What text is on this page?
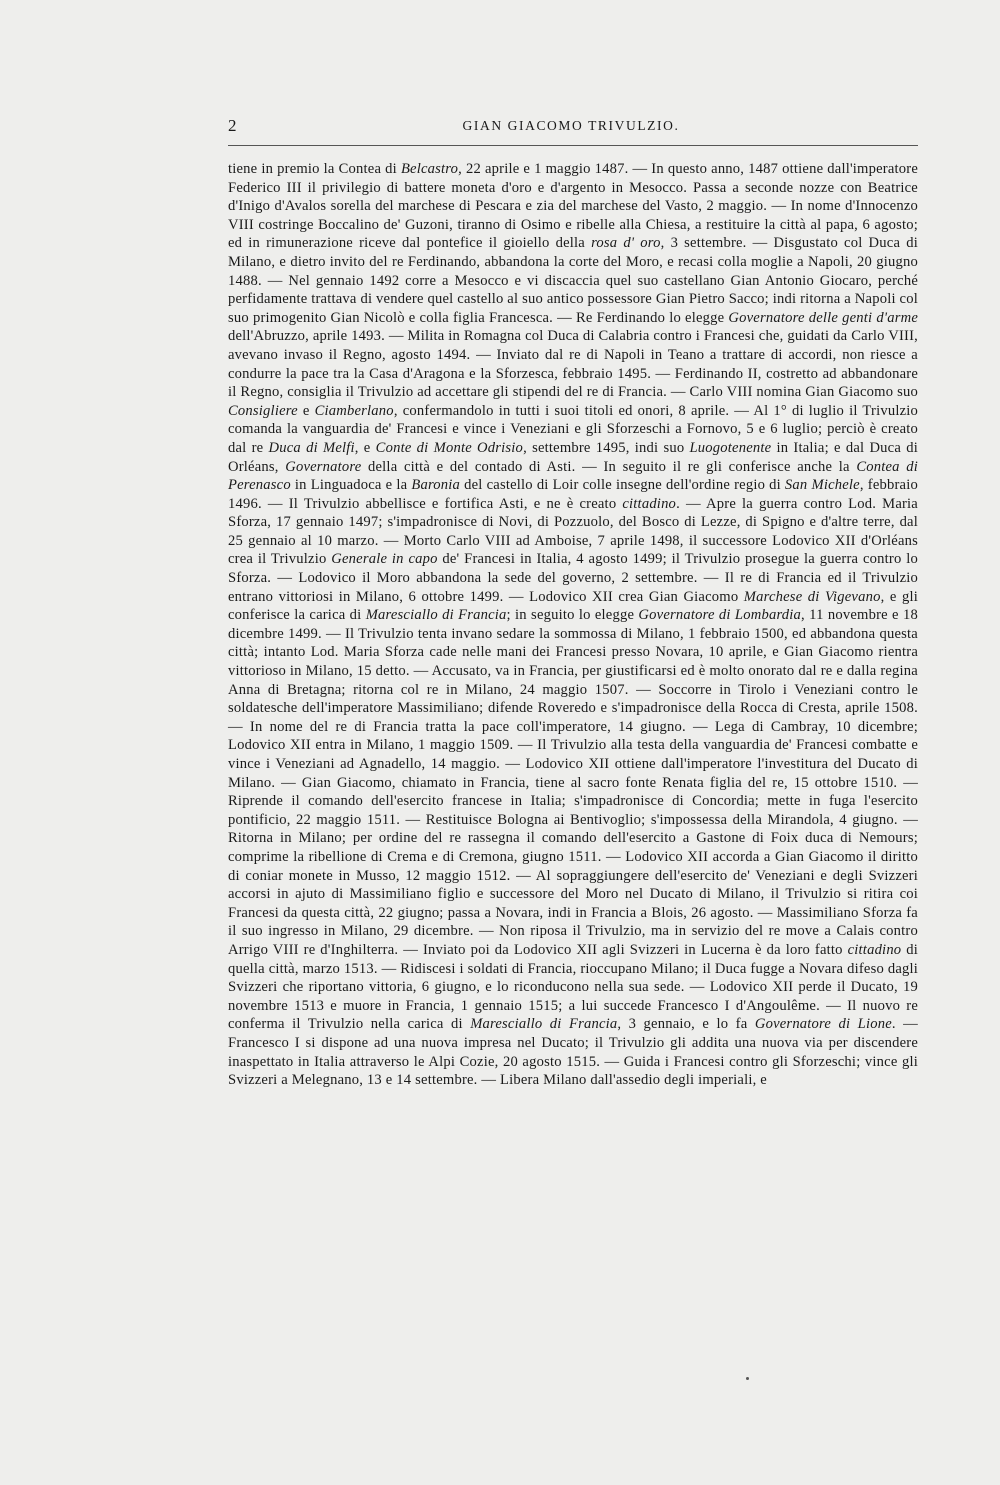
2	GIAN GIACOMO TRIVULZIO.

tiene in premio la Contea di Belcastro, 22 aprile e 1 maggio 1487. — In questo anno, 1487 ottiene dall'imperatore Federico III il privilegio di battere moneta d'oro e d'argento in Mesocco. Passa a seconde nozze con Beatrice d'Inigo d'Avalos sorella del marchese di Pescara e zia del marchese del Vasto, 2 maggio. — In nome d'Innocenzo VIII costringe Boccalino de' Guzoni, tiranno di Osimo e ribelle alla Chiesa, a restituire la città al papa, 6 agosto; ed in rimunerazione riceve dal pontefice il gioiello della rosa d' oro, 3 settembre. — Disgustato col Duca di Milano, e dietro invito del re Ferdinando, abbandona la corte del Moro, e recasi colla moglie a Napoli, 20 giugno 1488. — Nel gennaio 1492 corre a Mesocco e vi discaccia quel suo castellano Gian Antonio Giocaro, perché perfidamente trattava di vendere quel castello al suo antico possessore Gian Pietro Sacco; indi ritorna a Napoli col suo primogenito Gian Nicolò e colla figlia Francesca. — Re Ferdinando lo elegge Governatore delle genti d'arme dell'Abruzzo, aprile 1493. — Milita in Romagna col Duca di Calabria contro i Francesi che, guidati da Carlo VIII, avevano invaso il Regno, agosto 1494. — Inviato dal re di Napoli in Teano a trattare di accordi, non riesce a condurre la pace tra la Casa d'Aragona e la Sforzesca, febbraio 1495. — Ferdinando II, costretto ad abbandonare il Regno, consiglia il Trivulzio ad accettare gli stipendi del re di Francia. — Carlo VIII nomina Gian Giacomo suo Consigliere e Ciamberlano, confermandolo in tutti i suoi titoli ed onori, 8 aprile. — Al 1° di luglio il Trivulzio comanda la vanguardia de' Francesi e vince i Veneziani e gli Sforzeschi a Fornovo, 5 e 6 luglio; perciò è creato dal re Duca di Melfi, e Conte di Monte Odrisio, settembre 1495, indi suo Luogotenente in Italia; e dal Duca di Orléans, Governatore della città e del contado di Asti. — In seguito il re gli conferisce anche la Contea di Perenasco in Linguadoca e la Baronia del castello di Loir colle insegne dell'ordine regio di San Michele, febbraio 1496. — Il Trivulzio abbellisce e fortifica Asti, e ne è creato cittadino. — Apre la guerra contro Lod. Maria Sforza, 17 gennaio 1497; s'impadronisce di Novi, di Pozzuolo, del Bosco di Lezze, di Spigno e d'altre terre, dal 25 gennaio al 10 marzo. — Morto Carlo VIII ad Amboise, 7 aprile 1498, il successore Lodovico XII d'Orléans crea il Trivulzio Generale in capo de' Francesi in Italia, 4 agosto 1499; il Trivulzio prosegue la guerra contro lo Sforza. — Lodovico il Moro abbandona la sede del governo, 2 settembre. — Il re di Francia ed il Trivulzio entrano vittoriosi in Milano, 6 ottobre 1499. — Lodovico XII crea Gian Giacomo Marchese di Vigevano, e gli conferisce la carica di Maresciallo di Francia; in seguito lo elegge Governatore di Lombardia, 11 novembre e 18 dicembre 1499. — Il Trivulzio tenta invano sedare la sommossa di Milano, 1 febbraio 1500, ed abbandona questa città; intanto Lod. Maria Sforza cade nelle mani dei Francesi presso Novara, 10 aprile, e Gian Giacomo rientra vittorioso in Milano, 15 detto. — Accusato, va in Francia, per giustificarsi ed è molto onorato dal re e dalla regina Anna di Bretagna; ritorna col re in Milano, 24 maggio 1507. — Soccorre in Tirolo i Veneziani contro le soldatesche dell'imperatore Massimiliano; difende Roveredo e s'impadronisce della Rocca di Cresta, aprile 1508. — In nome del re di Francia tratta la pace coll'imperatore, 14 giugno. — Lega di Cambray, 10 dicembre; Lodovico XII entra in Milano, 1 maggio 1509. — Il Trivulzio alla testa della vanguardia de' Francesi combatte e vince i Veneziani ad Agnadello, 14 maggio. — Lodovico XII ottiene dall'imperatore l'investitura del Ducato di Milano. — Gian Giacomo, chiamato in Francia, tiene al sacro fonte Renata figlia del re, 15 ottobre 1510. — Riprende il comando dell'esercito francese in Italia; s'impadronisce di Concordia; mette in fuga l'esercito pontificio, 22 maggio 1511. — Restituisce Bologna ai Bentivoglio; s'impossessa della Mirandola, 4 giugno. — Ritorna in Milano; per ordine del re rassegna il comando dell'esercito a Gastone di Foix duca di Nemours; comprime la ribellione di Crema e di Cremona, giugno 1511. — Lodovico XII accorda a Gian Giacomo il diritto di coniar monete in Musso, 12 maggio 1512. — Al sopraggiungere dell'esercito de' Veneziani e degli Svizzeri accorsi in ajuto di Massimiliano figlio e successore del Moro nel Ducato di Milano, il Trivulzio si ritira coi Francesi da questa città, 22 giugno; passa a Novara, indi in Francia a Blois, 26 agosto. — Massimiliano Sforza fa il suo ingresso in Milano, 29 dicembre. — Non riposa il Trivulzio, ma in servizio del re move a Calais contro Arrigo VIII re d'Inghilterra. — Inviato poi da Lodovico XII agli Svizzeri in Lucerna è da loro fatto cittadino di quella città, marzo 1513. — Ridiscesi i soldati di Francia, rioccupano Milano; il Duca fugge a Novara difeso dagli Svizzeri che riportano vittoria, 6 giugno, e lo riconducono nella sua sede. — Lodovico XII perde il Ducato, 19 novembre 1513 e muore in Francia, 1 gennaio 1515; a lui succede Francesco I d'Angoulême. — Il nuovo re conferma il Trivulzio nella carica di Maresciallo di Francia, 3 gennaio, e lo fa Governatore di Lione. — Francesco I si dispone ad una nuova impresa nel Ducato; il Trivulzio gli addita una nuova via per discendere inaspettato in Italia attraverso le Alpi Cozie, 20 agosto 1515. — Guida i Francesi contro gli Sforzeschi; vince gli Svizzeri a Melegnano, 13 e 14 settembre. — Libera Milano dall'assedio degli imperiali, e
